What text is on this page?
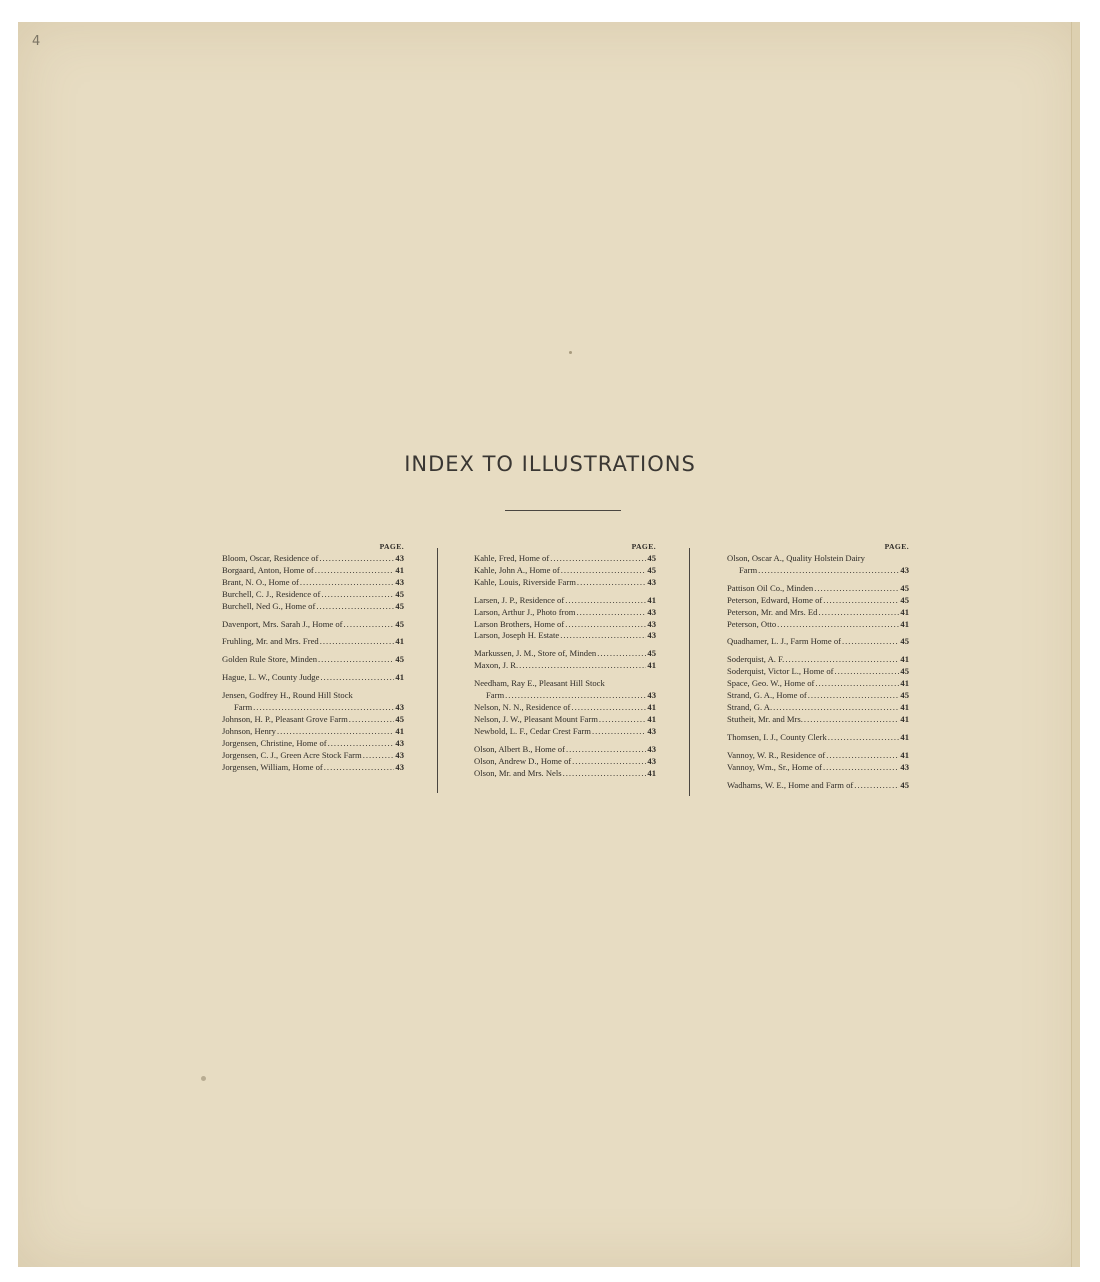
4
INDEX TO ILLUSTRATIONS
PAGE.
Bloom, Oscar, Residence of .....	43
Borgaard, Anton, Home of .....	41
Brant, N. O., Home of .....	43
Burchell, C. J., Residence of .....	45
Burchell, Ned G., Home of .....	45
Davenport, Mrs. Sarah J., Home of .....	45
Fruhling, Mr. and Mrs. Fred .....	41
Golden Rule Store, Minden .....	45
Hague, L. W., County Judge .....	41
Jensen, Godfrey H., Round Hill Stock
Farm .....	43
Johnson, H. P., Pleasant Grove Farm .....	45
Johnson, Henry .....	41
Jorgensen, Christine, Home of .....	43
Jorgensen, C. J., Green Acre Stock Farm .....	43
Jorgensen, William, Home of .....	43
PAGE.
Kahle, Fred, Home of .....	45
Kahle, John A., Home of .....	45
Kahle, Louis, Riverside Farm .....	43
Larsen, J. P., Residence of .....	41
Larson, Arthur J., Photo from .....	43
Larson Brothers, Home of .....	43
Larson, Joseph H. Estate .....	43
Markussen, J. M., Store of, Minden .....	45
Maxon, J. R. .....	41
Needham, Ray E., Pleasant Hill Stock
Farm .....	43
Nelson, N. N., Residence of .....	41
Nelson, J. W., Pleasant Mount Farm .....	41
Newbold, L. F., Cedar Crest Farm .....	43
Olson, Albert B., Home of .....	43
Olson, Andrew D., Home of .....	43
Olson, Mr. and Mrs. Nels .....	41
PAGE.
Olson, Oscar A., Quality Holstein Dairy
Farm .....	43
Pattison Oil Co., Minden .....	45
Peterson, Edward, Home of .....	45
Peterson, Mr. and Mrs. Ed .....	41
Peterson, Otto .....	41
Quadhamer, L. J., Farm Home of .....	45
Soderquist, A. F. .....	41
Soderquist, Victor L., Home of .....	45
Space, Geo. W., Home of .....	41
Strand, G. A., Home of .....	45
Strand, G. A. .....	41
Stutheit, Mr. and Mrs. .....	41
Thomsen, I. J., County Clerk .....	41
Vannoy, W. R., Residence of .....	41
Vannoy, Wm., Sr., Home of .....	43
Wadhams, W. E., Home and Farm of .....	45
